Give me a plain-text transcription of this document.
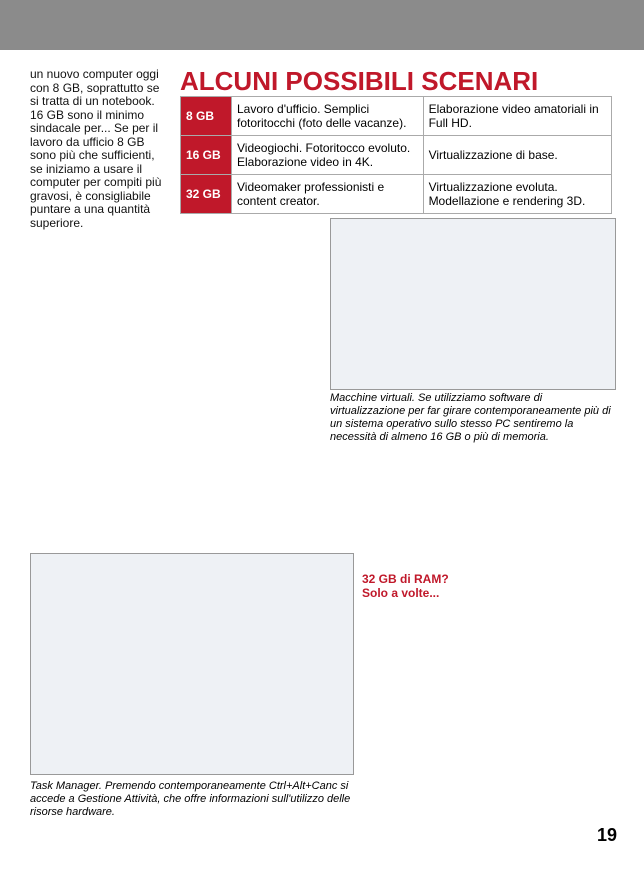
ALCUNI POSSIBILI SCENARI
8 GB	Lavoro d'ufficio. Semplici fotoritocchi (foto delle vacanze).	Elaborazione video amatoriali in Full HD.
16 GB	Videogiochi. Fotoritocco evoluto. Elaborazione video in 4K.	Virtualizzazione di base.
32 GB	Videomaker professionisti e content creator.	Virtualizzazione evoluta. Modellazione e rendering 3D.
un nuovo computer oggi con 8 GB, soprattutto se si tratta di un notebook. 16 GB sono il minimo sindacale per... Se per il lavoro da ufficio 8 GB sono più che sufficienti, se iniziamo a usare il computer per compiti più gravosi, è consigliabile puntare a una quantità superiore.
Macchine virtuali. Se utilizziamo software di virtualizzazione per far girare contemporaneamente più di un sistema operativo sullo stesso PC sentiremo la necessità di almeno 16 GB o più di memoria.
Task Manager. Premendo contemporaneamente Ctrl+Alt+Canc si accede a Gestione Attività, che offre informazioni sull'utilizzo delle risorse hardware.
32 GB di RAM? Solo a volte...
19
